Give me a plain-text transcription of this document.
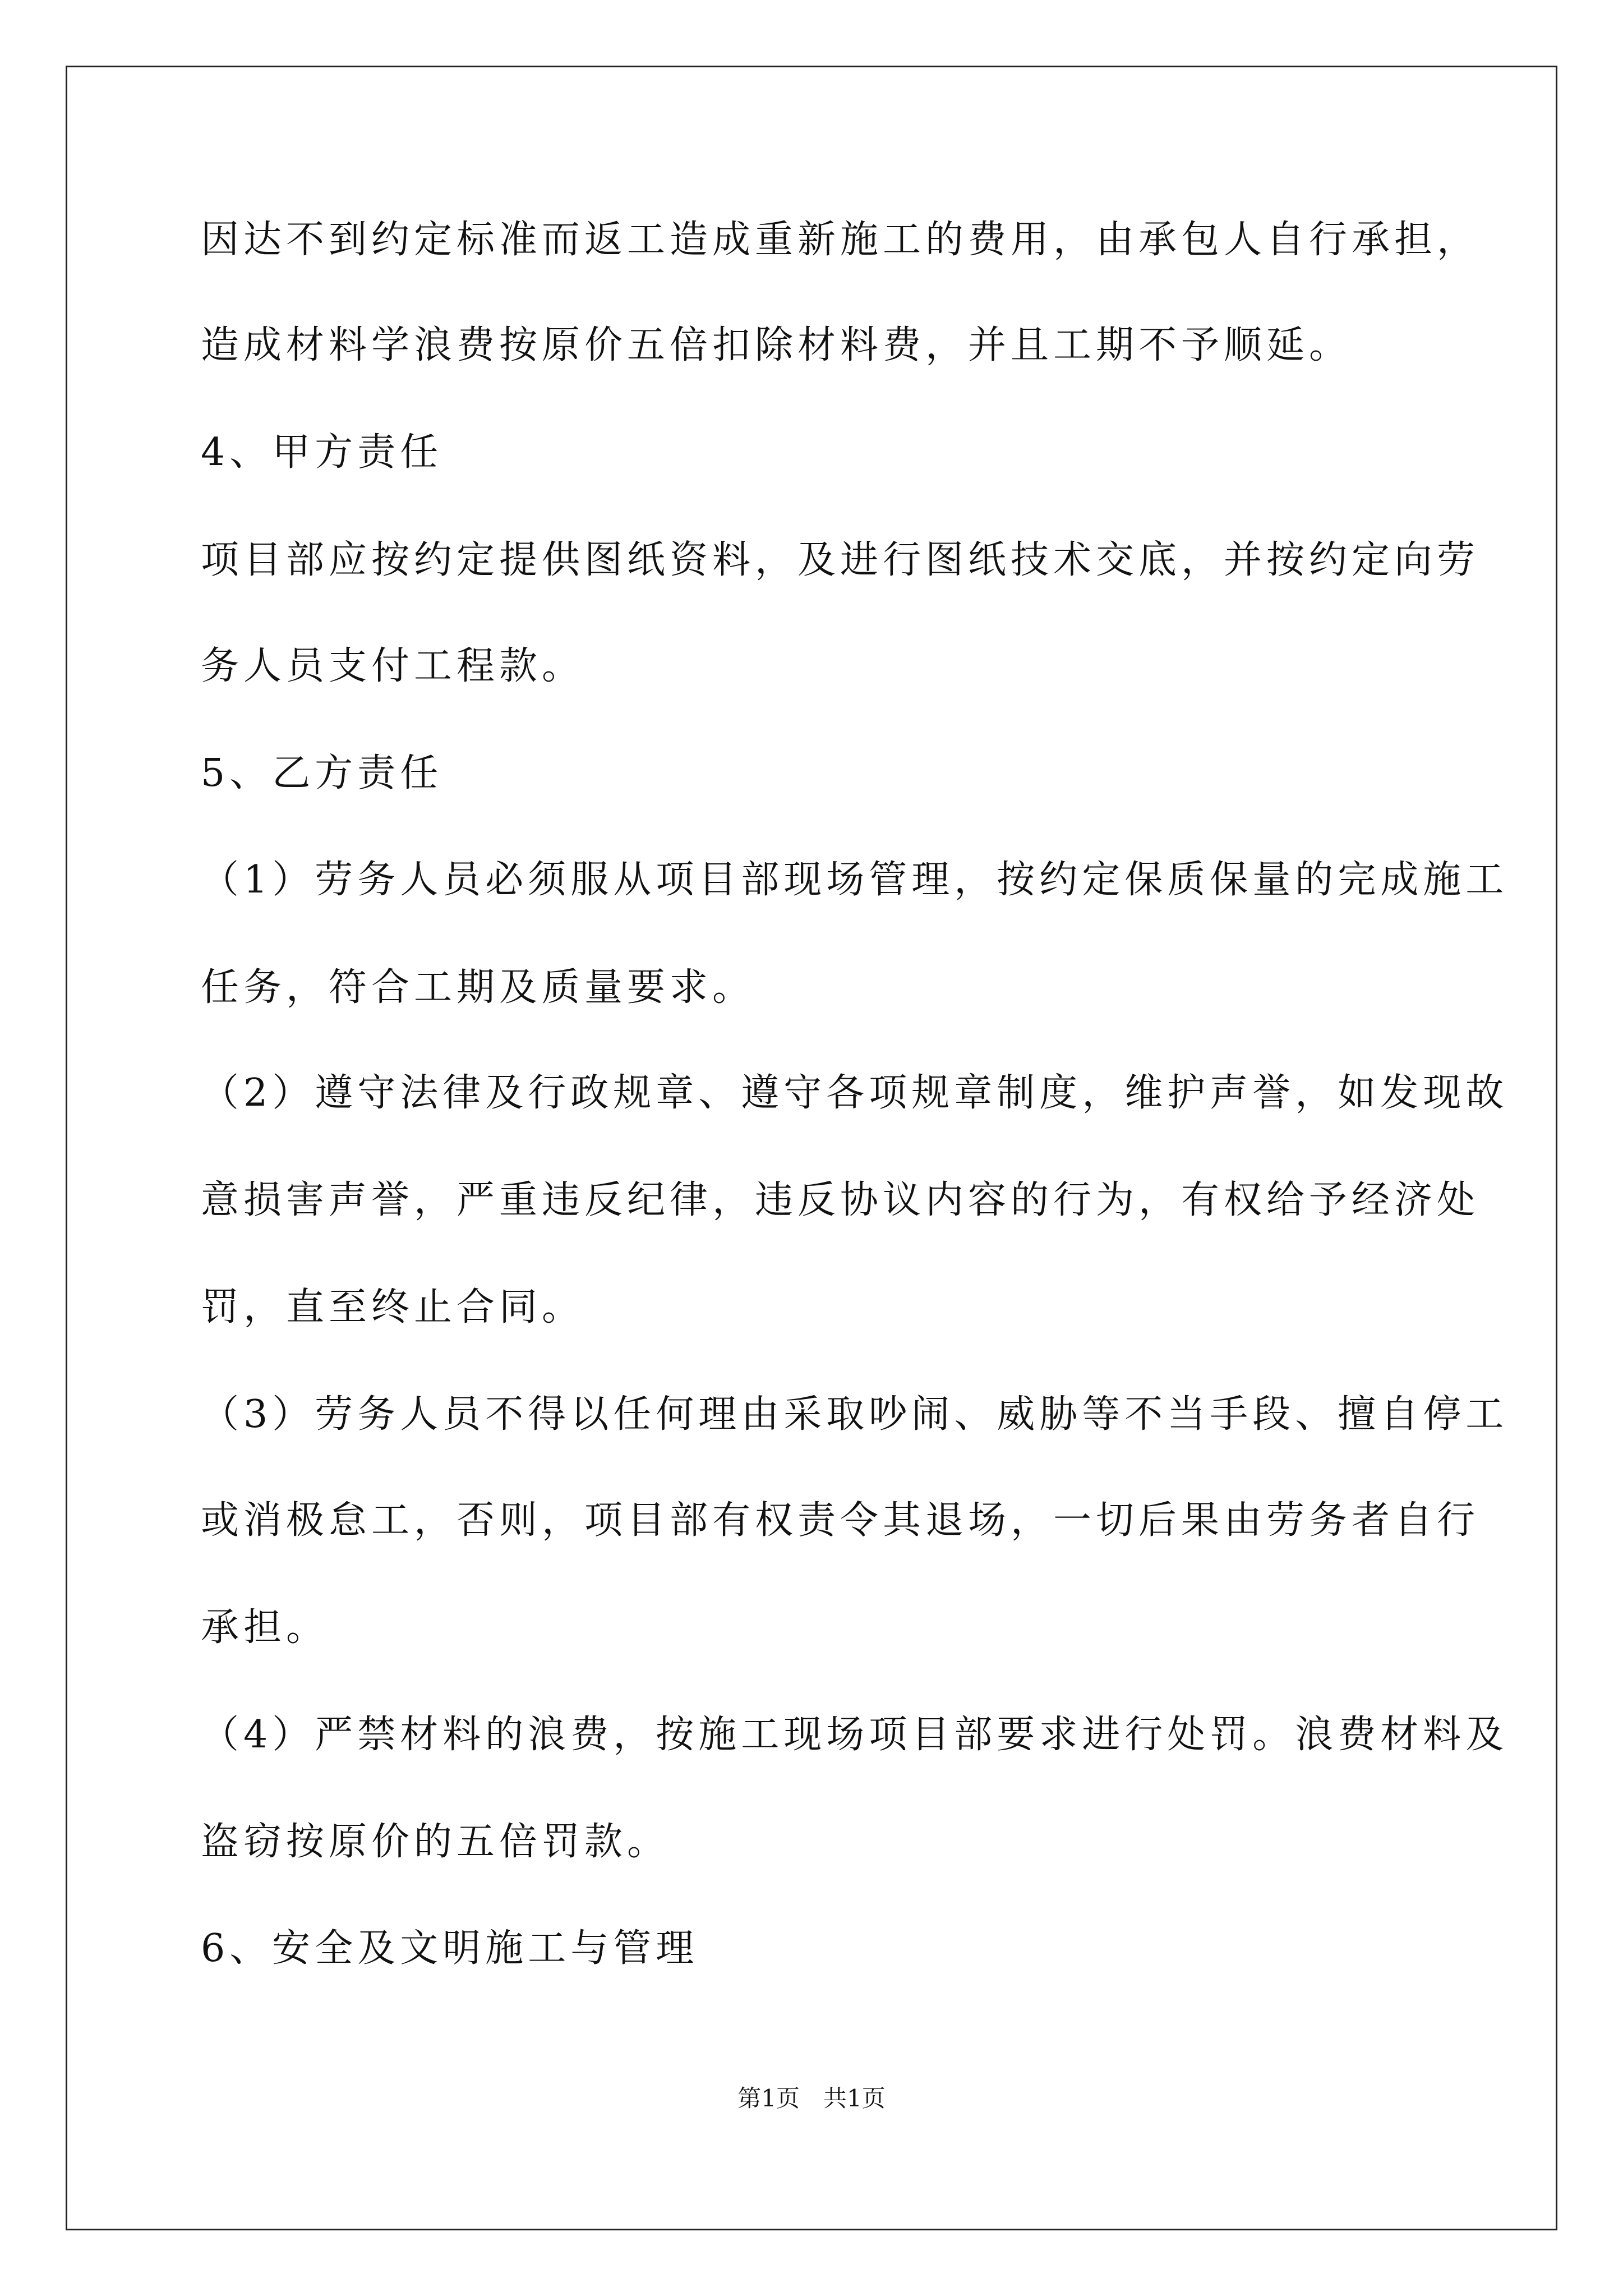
因达不到约定标准而返工造成重新施工的费用，由承包人自行承担，
造成材料学浪费按原价五倍扣除材料费，并且工期不予顺延。
4、甲方责任
项目部应按约定提供图纸资料，及进行图纸技术交底，并按约定向劳
务人员支付工程款。
5、乙方责任
（1）劳务人员必须服从项目部现场管理，按约定保质保量的完成施工
任务，符合工期及质量要求。
（2）遵守法律及行政规章、遵守各项规章制度，维护声誉，如发现故
意损害声誉，严重违反纪律，违反协议内容的行为，有权给予经济处
罚，直至终止合同。
（3）劳务人员不得以任何理由采取吵闹、威胁等不当手段、擅自停工
或消极怠工，否则，项目部有权责令其退场，一切后果由劳务者自行
承担。
（4）严禁材料的浪费，按施工现场项目部要求进行处罚。浪费材料及
盗窃按原价的五倍罚款。
6、安全及文明施工与管理
第1页　共1页
